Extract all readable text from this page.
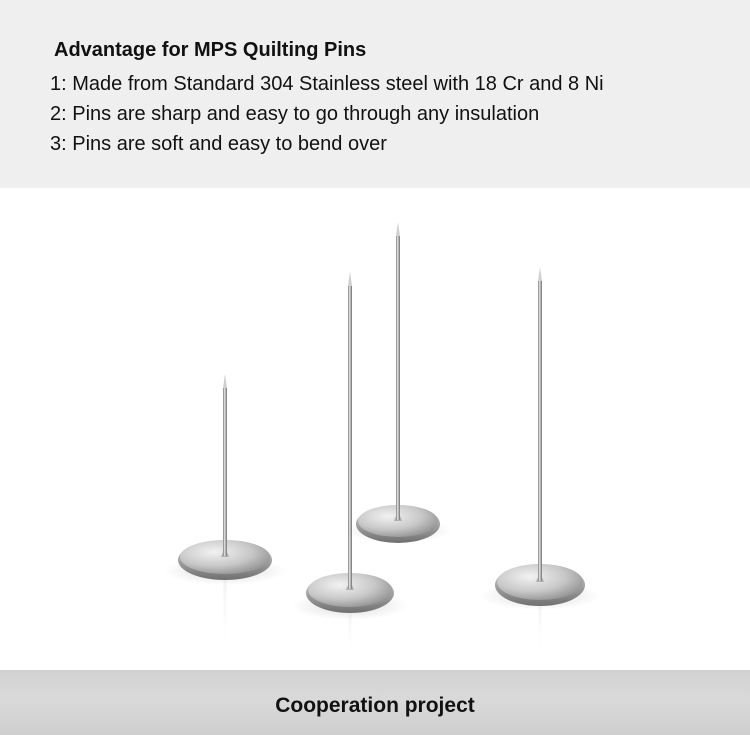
Advantage for MPS Quilting Pins
1: Made from Standard 304 Stainless steel with 18 Cr and 8 Ni
2: Pins are sharp and easy to go through any insulation
3: Pins are soft and easy to bend over
Cooperation project
